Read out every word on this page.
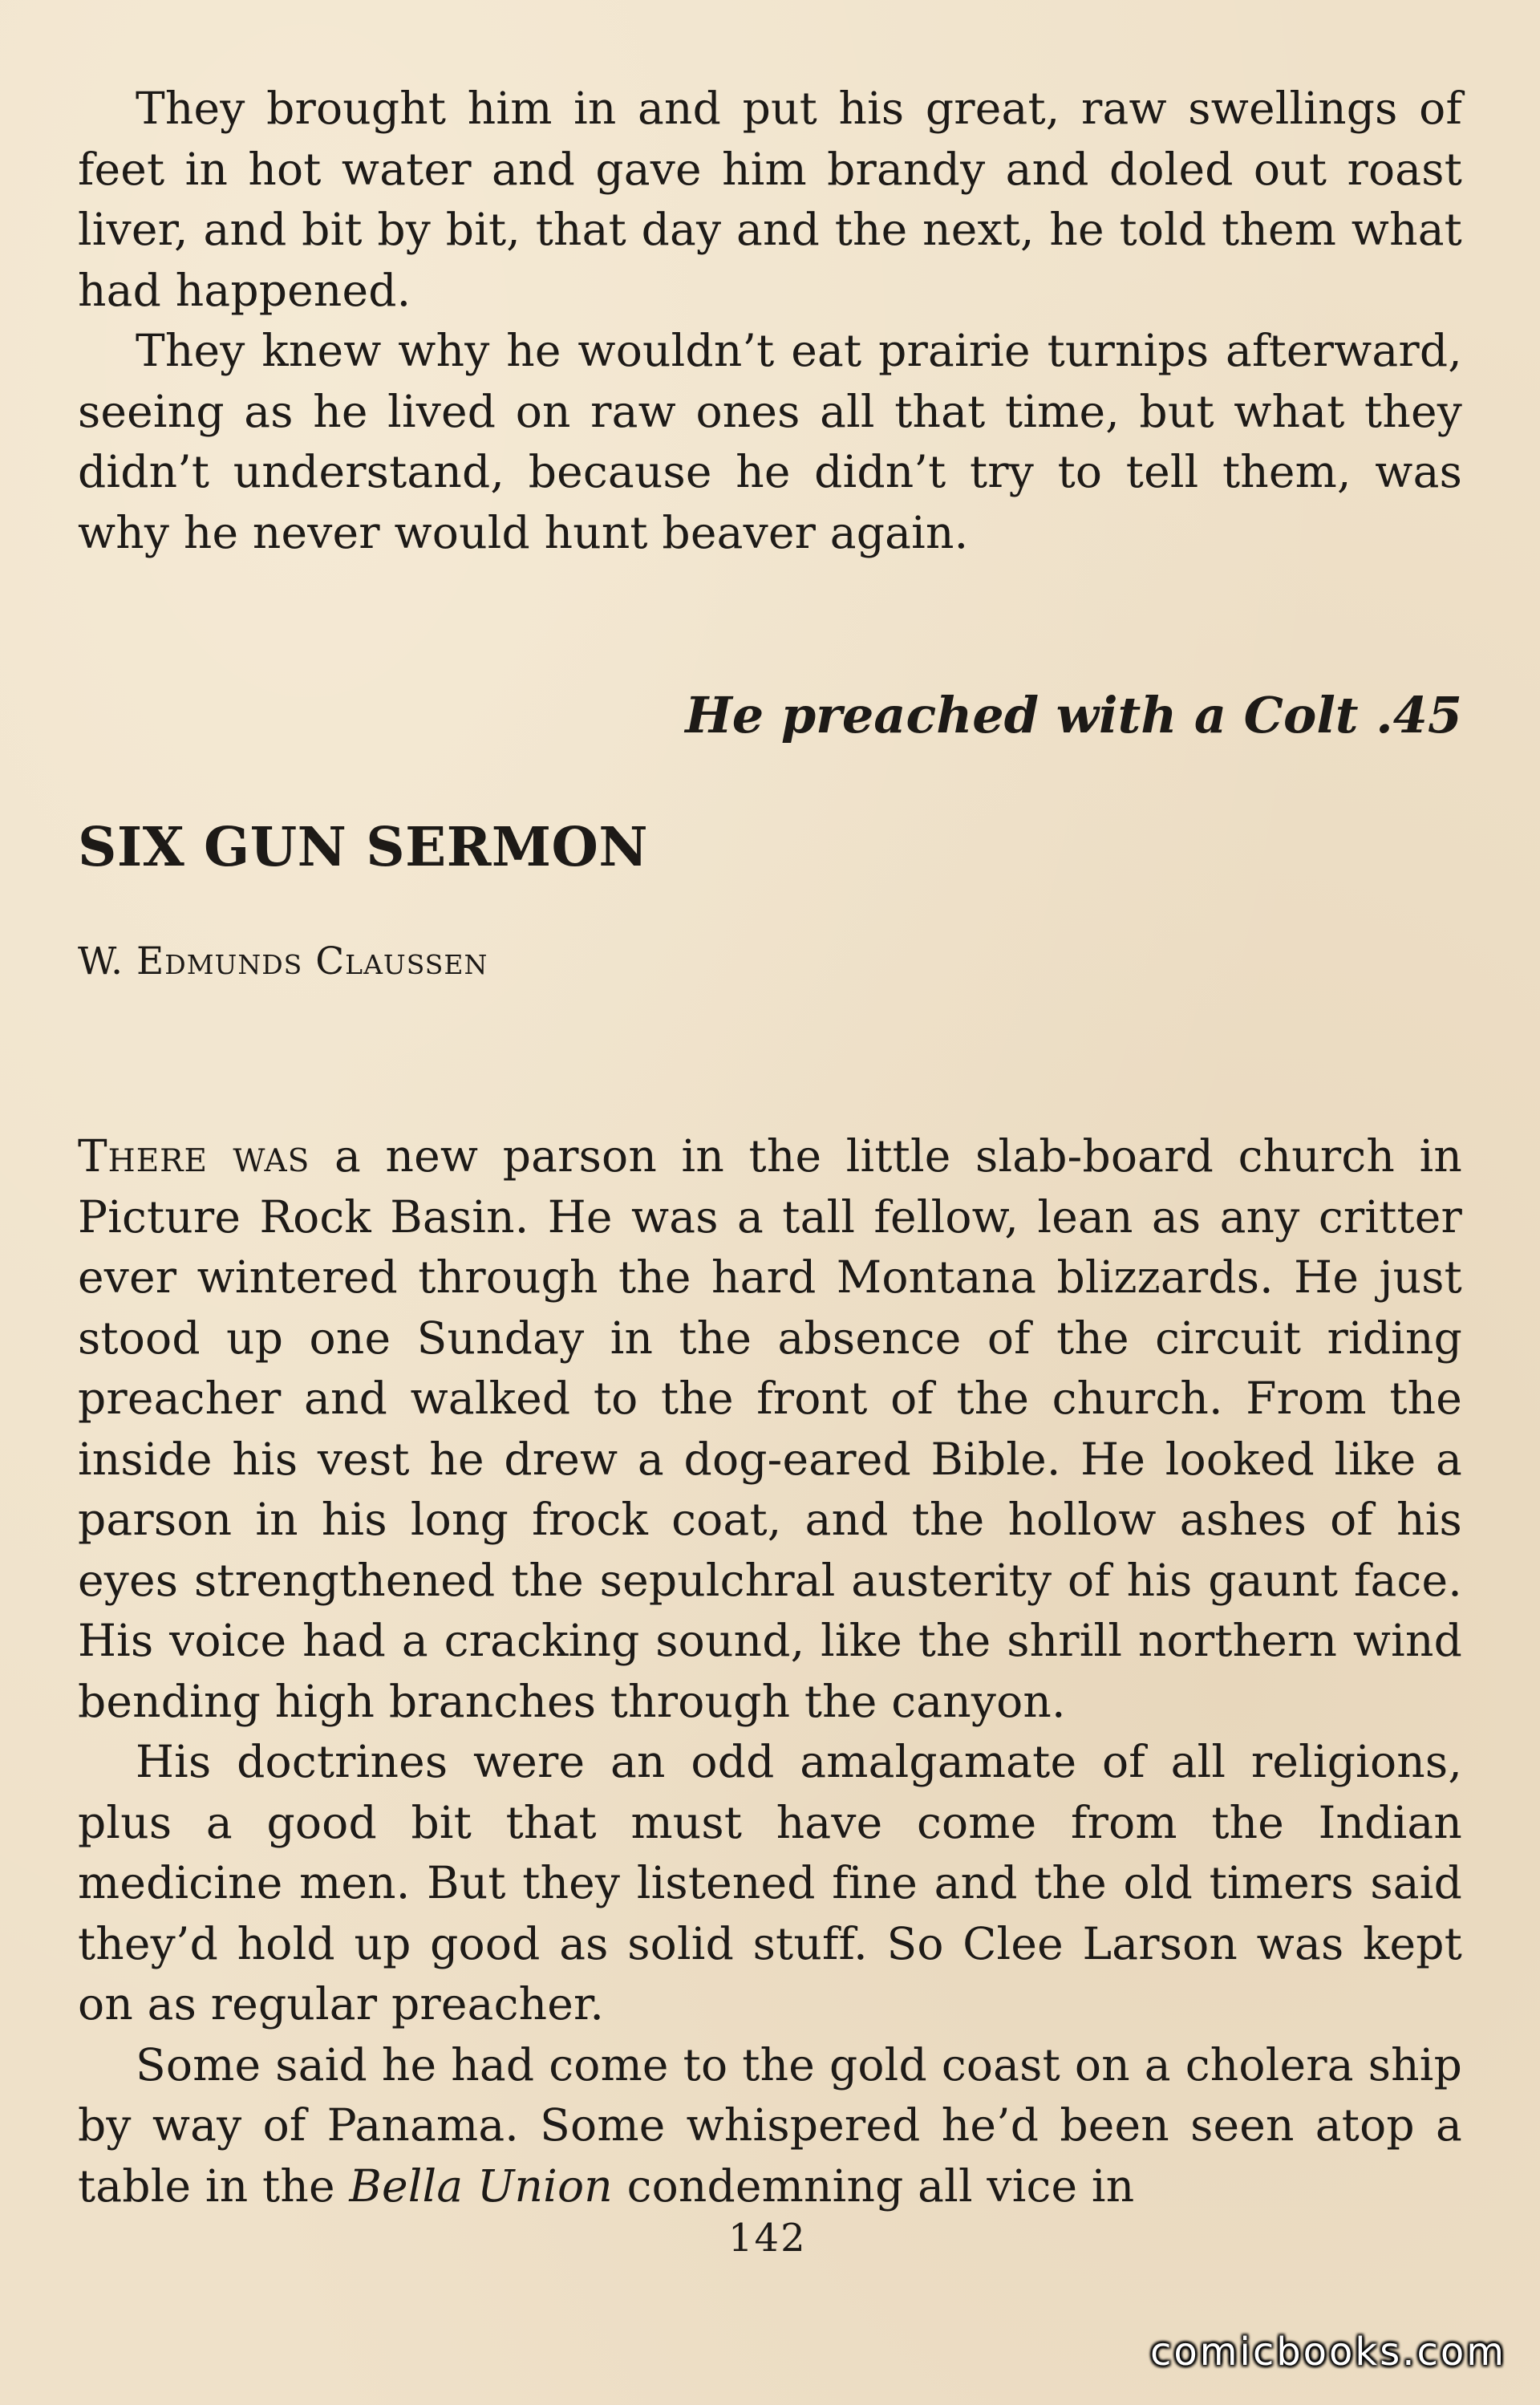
They brought him in and put his great, raw swellings of feet in hot water and gave him brandy and doled out roast liver, and bit by bit, that day and the next, he told them what had happened.

They knew why he wouldn’t eat prairie turnips afterward, seeing as he lived on raw ones all that time, but what they didn’t understand, because he didn’t try to tell them, was why he never would hunt beaver again.

He preached with a Colt .45

SIX GUN SERMON

W. Edmunds Claussen

There was a new parson in the little slab-board church in Picture Rock Basin. He was a tall fellow, lean as any critter ever wintered through the hard Montana blizzards. He just stood up one Sunday in the absence of the circuit riding preacher and walked to the front of the church. From the inside his vest he drew a dog-eared Bible. He looked like a parson in his long frock coat, and the hollow ashes of his eyes strengthened the sepulchral austerity of his gaunt face. His voice had a cracking sound, like the shrill northern wind bending high branches through the canyon.

His doctrines were an odd amalgamate of all religions, plus a good bit that must have come from the Indian medicine men. But they listened fine and the old timers said they’d hold up good as solid stuff. So Clee Larson was kept on as regular preacher.

Some said he had come to the gold coast on a cholera ship by way of Panama. Some whispered he’d been seen atop a table in the Bella Union condemning all vice in

142

comicbooks.com
